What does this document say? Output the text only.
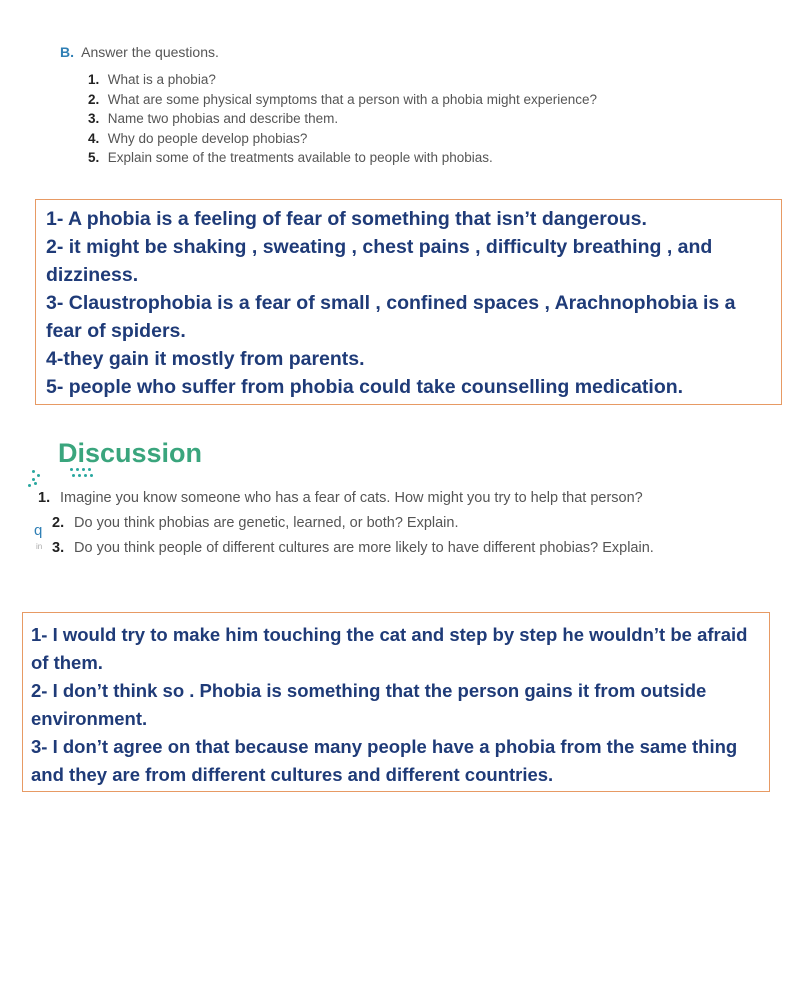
B. Answer the questions.
1. What is a phobia?
2. What are some physical symptoms that a person with a phobia might experience?
3. Name two phobias and describe them.
4. Why do people develop phobias?
5. Explain some of the treatments available to people with phobias.

1- A phobia is a feeling of fear of something that isn’t dangerous.

2- it might be shaking , sweating , chest pains , difficulty breathing , and dizziness.

3- Claustrophobia is a fear of small , confined spaces , Arachnophobia is a fear of spiders.

4-they gain it mostly from parents.

5- people who suffer from phobia could take counselling medication.

Discussion
q
in
1. Imagine you know someone who has a fear of cats. How might you try to help that person?
2. Do you think phobias are genetic, learned, or both? Explain.
3. Do you think people of different cultures are more likely to have different phobias? Explain.

1- I would try to make him touching the cat and step by step he wouldn’t be afraid of them.

2- I don’t think so . Phobia is something that the person gains it from outside environment.

3- I don’t agree on that because many people have a phobia from the same thing and they are from different cultures and different countries.
